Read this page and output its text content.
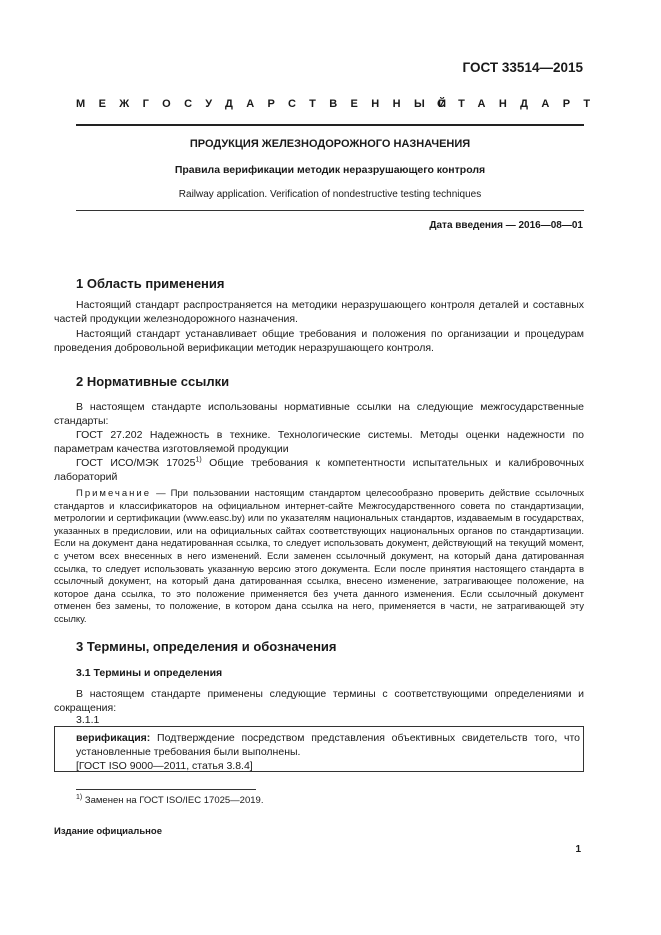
ГОСТ 33514—2015
МЕЖГОСУДАРСТВЕННЫЙ
СТАНДАРТ
ПРОДУКЦИЯ ЖЕЛЕЗНОДОРОЖНОГО НАЗНАЧЕНИЯ
Правила верификации методик неразрушающего контроля
Railway application. Verification of nondestructive testing techniques
Дата введения — 2016—08—01
1 Область применения
Настоящий стандарт распространяется на методики неразрушающего контроля деталей и составных частей продукции железнодорожного назначения.
Настоящий стандарт устанавливает общие требования и положения по организации и процедурам проведения добровольной верификации методик неразрушающего контроля.
2 Нормативные ссылки
В настоящем стандарте использованы нормативные ссылки на следующие межгосударственные стандарты:
ГОСТ 27.202 Надежность в технике. Технологические системы. Методы оценки надежности по параметрам качества изготовляемой продукции
ГОСТ ИСО/МЭК 17025$^{1)}$ Общие требования к компетентности испытательных и калибровочных лабораторий
Примечание — При пользовании настоящим стандартом целесообразно проверить действие ссылочных стандартов и классификаторов на официальном интернет-сайте Межгосударственного совета по стандартизации, метрологии и сертификации (www.easc.by) или по указателям национальных стандартов, издаваемым в государствах, указанных в предисловии, или на официальных сайтах соответствующих национальных органов по стандартизации. Если на документ дана недатированная ссылка, то следует использовать документ, действующий на текущий момент, с учетом всех внесенных в него изменений. Если заменен ссылочный документ, на который дана датированная ссылка, то следует использовать указанную версию этого документа. Если после принятия настоящего стандарта в ссылочный документ, на который дана датированная ссылка, внесено изменение, затрагивающее положение, на которое дана ссылка, то это положение применяется без учета данного изменения. Если ссылочный документ отменен без замены, то положение, в котором дана ссылка на него, применяется в части, не затрагивающей эту ссылку.
3 Термины, определения и обозначения
3.1 Термины и определения
В настоящем стандарте применены следующие термины с соответствующими определениями и сокращения:
3.1.1
верификация: Подтверждение посредством представления объективных свидетельств того, что установленные требования были выполнены.
[ГОСТ ISO 9000—2011, статья 3.8.4]
$^{1)}$ Заменен на ГОСТ ISO/IEC 17025—2019.
Издание официальное
1
